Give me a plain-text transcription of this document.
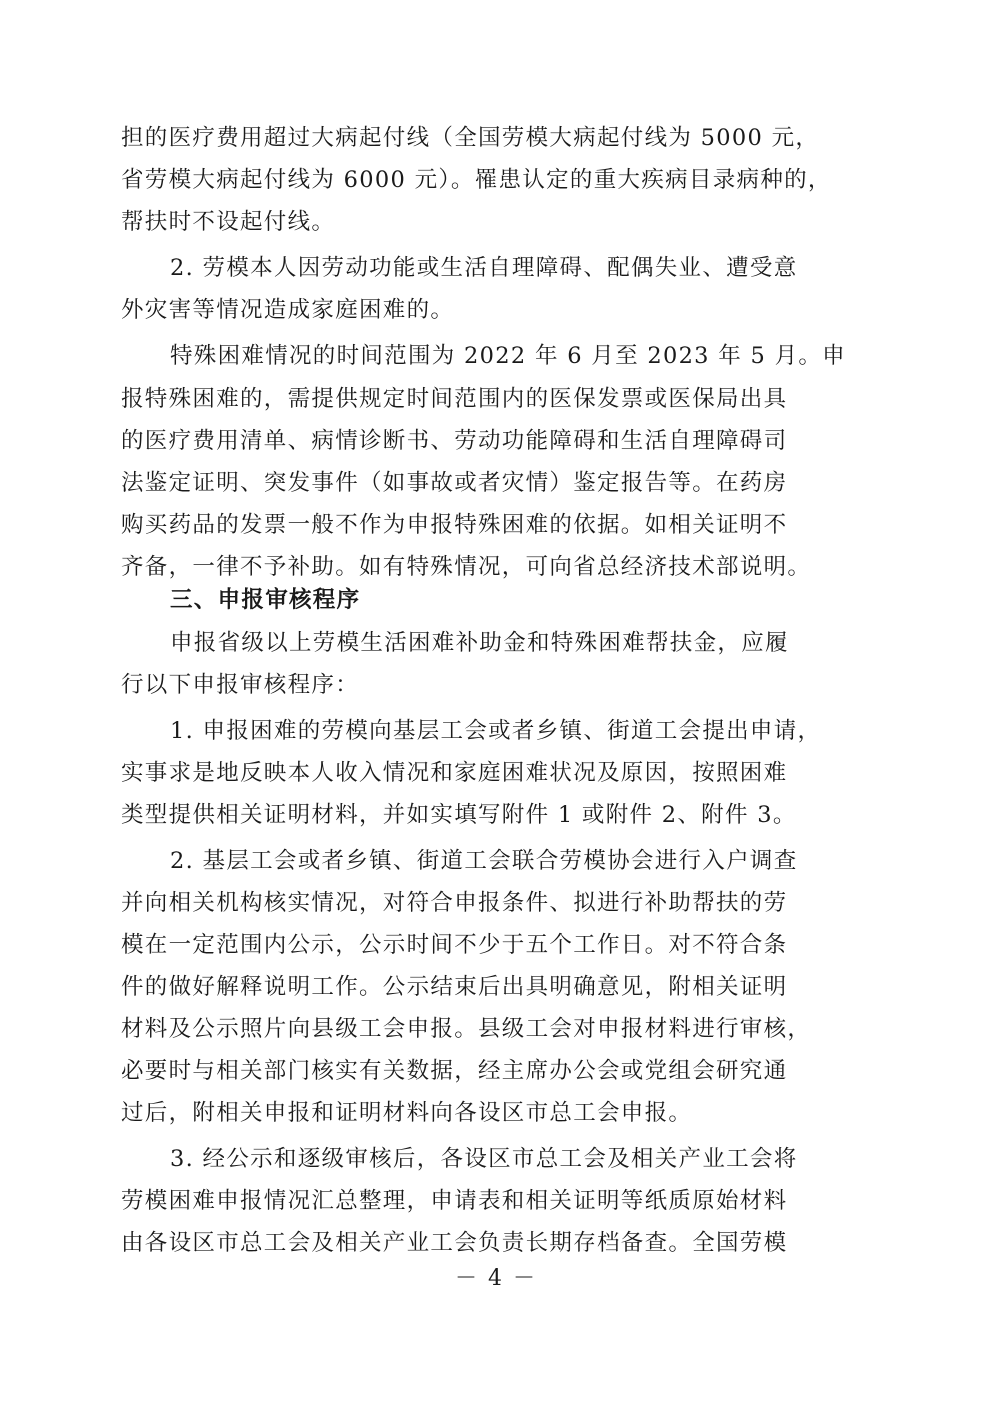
担的医疗费用超过大病起付线（全国劳模大病起付线为 5000 元，
省劳模大病起付线为 6000 元）。罹患认定的重大疾病目录病种的，
帮扶时不设起付线。
2. 劳模本人因劳动功能或生活自理障碍、配偶失业、遭受意
外灾害等情况造成家庭困难的。
特殊困难情况的时间范围为 2022 年 6 月至 2023 年 5 月。申
报特殊困难的，需提供规定时间范围内的医保发票或医保局出具
的医疗费用清单、病情诊断书、劳动功能障碍和生活自理障碍司
法鉴定证明、突发事件（如事故或者灾情）鉴定报告等。在药房
购买药品的发票一般不作为申报特殊困难的依据。如相关证明不
齐备，一律不予补助。如有特殊情况，可向省总经济技术部说明。
三、申报审核程序
申报省级以上劳模生活困难补助金和特殊困难帮扶金，应履
行以下申报审核程序：
1. 申报困难的劳模向基层工会或者乡镇、街道工会提出申请，
实事求是地反映本人收入情况和家庭困难状况及原因，按照困难
类型提供相关证明材料，并如实填写附件 1 或附件 2、附件 3。
2. 基层工会或者乡镇、街道工会联合劳模协会进行入户调查
并向相关机构核实情况，对符合申报条件、拟进行补助帮扶的劳
模在一定范围内公示，公示时间不少于五个工作日。对不符合条
件的做好解释说明工作。公示结束后出具明确意见，附相关证明
材料及公示照片向县级工会申报。县级工会对申报材料进行审核，
必要时与相关部门核实有关数据，经主席办公会或党组会研究通
过后，附相关申报和证明材料向各设区市总工会申报。
3. 经公示和逐级审核后，各设区市总工会及相关产业工会将
劳模困难申报情况汇总整理，申请表和相关证明等纸质原始材料
由各设区市总工会及相关产业工会负责长期存档备查。全国劳模
－ 4 －
